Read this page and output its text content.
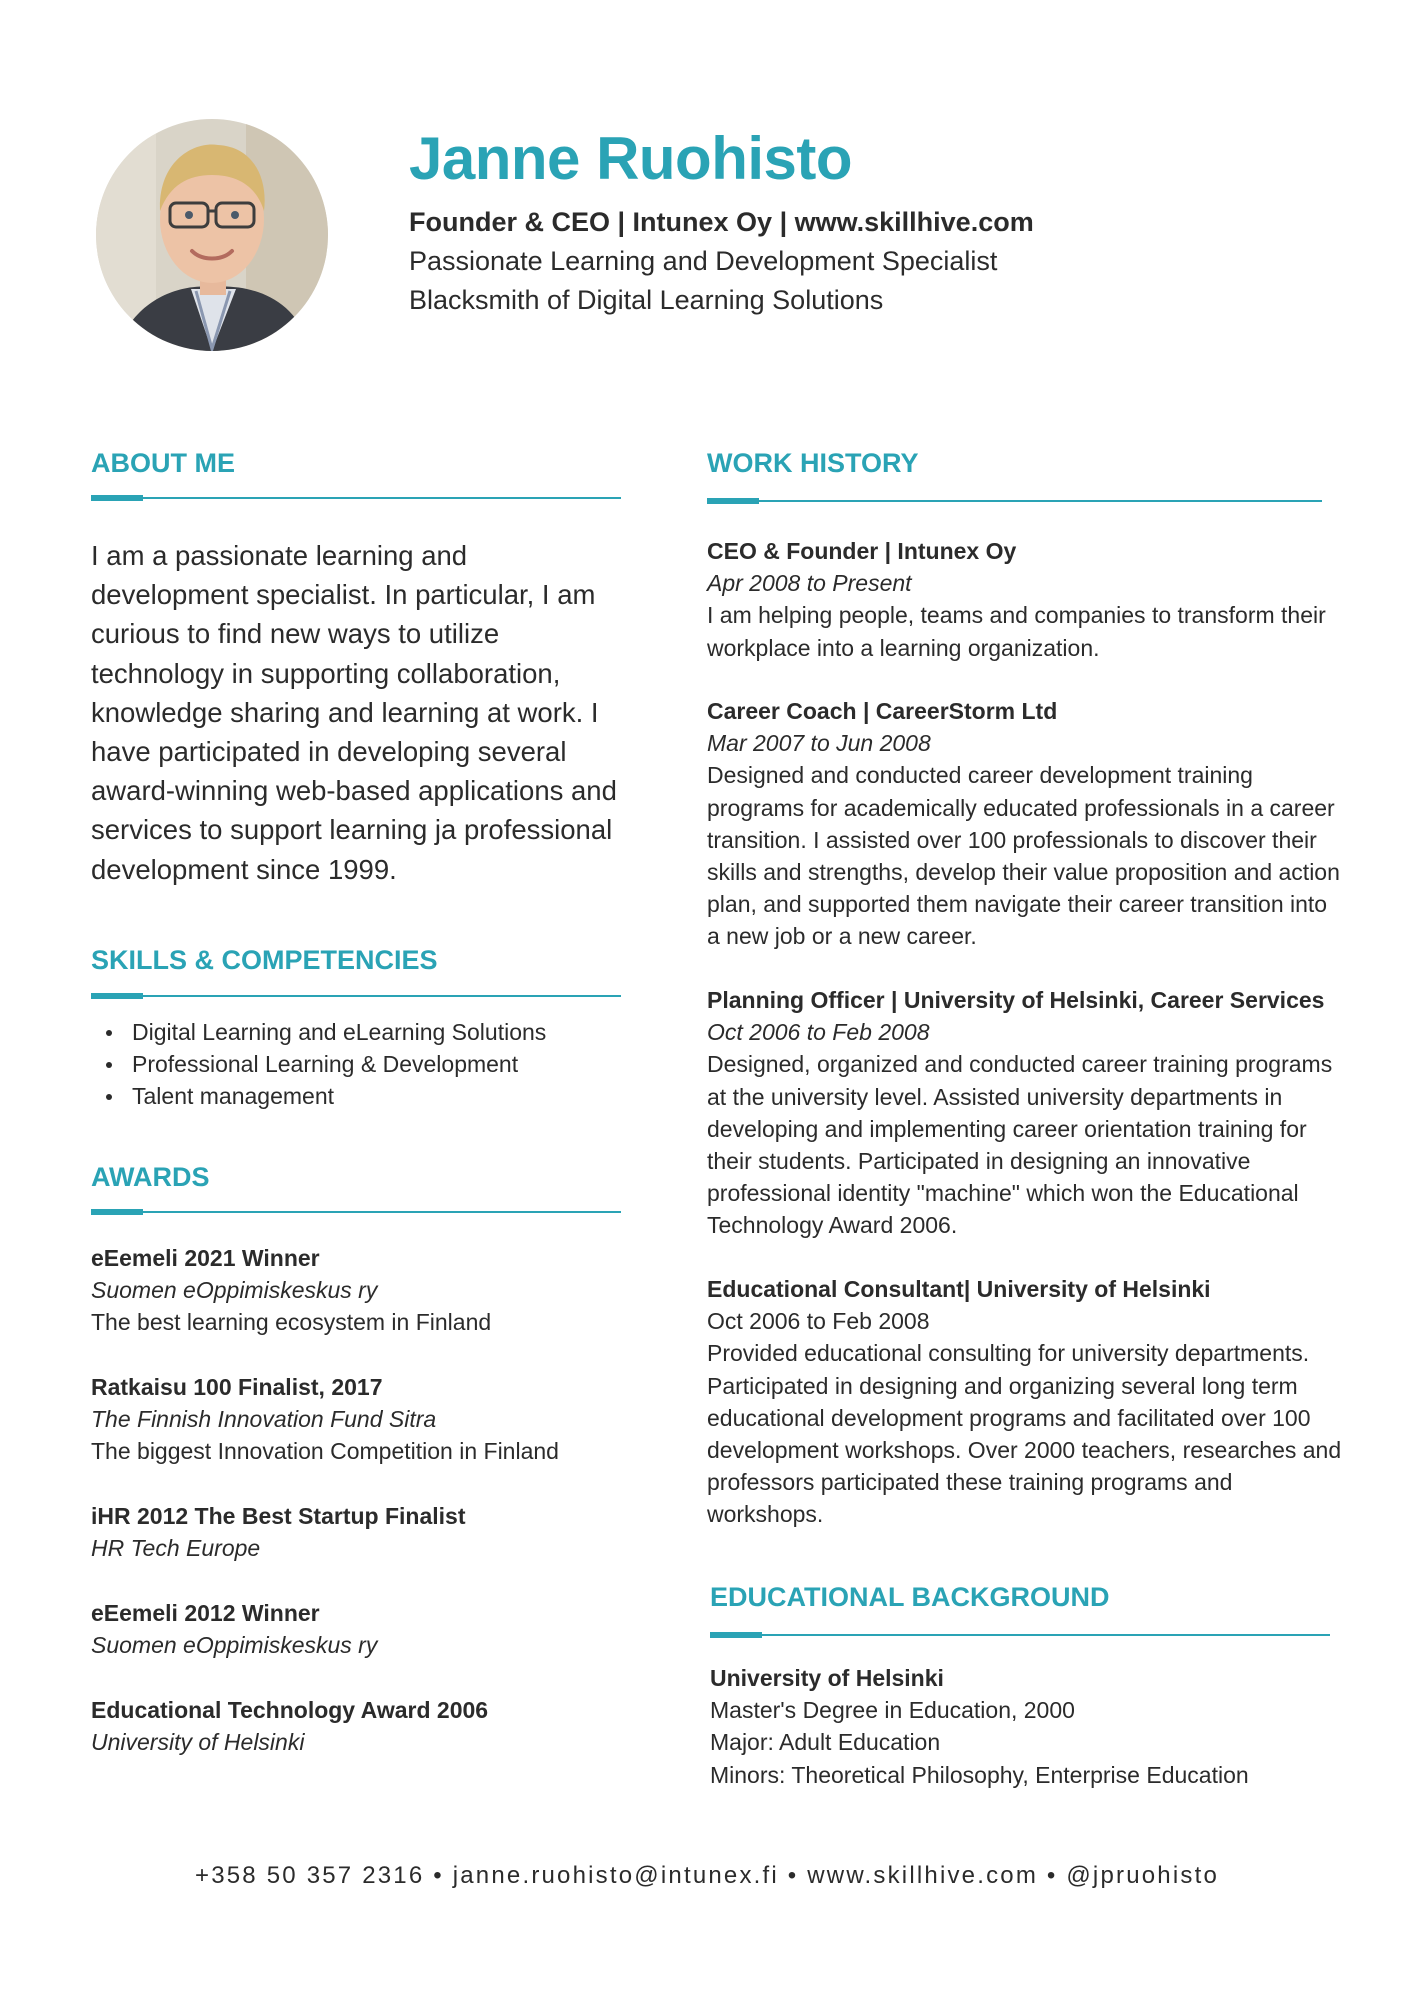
Janne Ruohisto
Founder & CEO | Intunex Oy | www.skillhive.com
Passionate Learning and Development Specialist
Blacksmith of Digital Learning Solutions
ABOUT ME

I am a passionate learning and development specialist. In particular, I am curious to find new ways to utilize technology in supporting collaboration, knowledge sharing and learning at work. I have participated in developing several award-winning web-based applications and services to support learning ja professional development since 1999.

SKILLS & COMPETENCIES
Digital Learning and eLearning Solutions
Professional Learning & Development
Talent management
AWARDS
eEemeli 2021 Winner
Suomen eOppimiskeskus ry
The best learning ecosystem in Finland
Ratkaisu 100 Finalist, 2017
The Finnish Innovation Fund Sitra
The biggest Innovation Competition in Finland
iHR 2012 The Best Startup Finalist
HR Tech Europe
eEemeli 2012 Winner
Suomen eOppimiskeskus ry
Educational Technology Award 2006
University of Helsinki
WORK HISTORY
CEO & Founder | Intunex Oy
Apr 2008 to Present
I am helping people, teams and companies to transform their workplace into a learning organization.
Career Coach | CareerStorm Ltd
Mar 2007 to Jun 2008
Designed and conducted career development training programs for academically educated professionals in a career transition. I assisted over 100 professionals to discover their skills and strengths, develop their value proposition and action plan, and supported them navigate their career transition into a new job or a new career.
Planning Officer | University of Helsinki, Career Services
Oct 2006 to Feb 2008
Designed, organized and conducted career training programs at the university level. Assisted university departments in developing and implementing career orientation training for their students. Participated in designing an innovative professional identity "machine" which won the Educational Technology Award 2006.
Educational Consultant| University of Helsinki
Oct 2006 to Feb 2008
Provided educational consulting for university departments. Participated in designing and organizing several long term educational development programs and facilitated over 100 development workshops. Over 2000 teachers, researches and professors participated these training programs and workshops.
EDUCATIONAL BACKGROUND
University of Helsinki
Master's Degree in Education, 2000
Major: Adult Education
Minors: Theoretical Philosophy, Enterprise Education
+358 50 357 2316 • janne.ruohisto@intunex.fi • www.skillhive.com • @jpruohisto
